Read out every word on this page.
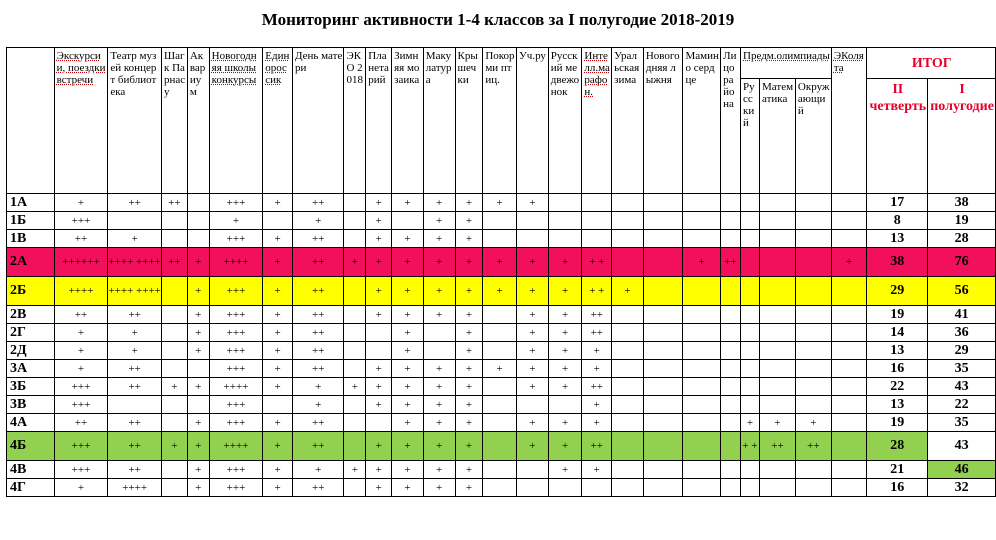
Мониторинг активности 1-4 классов за I полугодие 2018-2019
	Экскурсии, поездки встречи	Театр музей концерт библиотека	Шаг к Парнасу	Аквариум	Новогодняя школы конкурсы	Единороссик	День матери	ЭКО 2018	Планетарий	Зимняя мозаика	Макулатура	Крышечки	Покорми птиц.	Уч.ру	Русский медвежонок	Интелл.марафон.	Уральская зима	Новогодняя лыжня	Мамино сердце	Лицо района	Предм.олимпиады			ЭКолята	ИТОГ	
																					Русский	Математика	Окружающий		II четверть	I полугодие
1А	+	++	++		+++	+	++		+	+	+	+	+	+											17	38
1Б	+++				+		+		+		+	+													8	19
1В	++	+			+++	+	++		+	+	+	+													13	28
2А	++++++	++++ ++++	++	+	++++	+	++	+	+	+	+	+	+	+	+	+ +			+	++				+	38	76
2Б	++++	++++ ++++		+	+++	+	++		+	+	+	+	+	+	+	+ +	+								29	56
2В	++	++		+	+++	+	++		+	+	+	+		+	+	++									19	41
2Г	+	+		+	+++	+	++			+		+		+	+	++									14	36
2Д	+	+		+	+++	+	++			+		+		+	+	+									13	29
3А	+	++			+++	+	++		+	+	+	+	+	+	+	+									16	35
3Б	+++	++	+	+	++++	+	+	+	+	+	+	+		+	+	++									22	43
3В	+++				+++		+		+	+	+	+				+									13	22
4А	++	++		+	+++	+	++			+	+	+		+	+	+					+	+	+		19	35
4Б	+++	++	+	+	++++	+	++		+	+	+	+		+	+	++					+ +	++	++		28	43
4В	+++	++		+	+++	+	+	+	+	+	+	+			+	+									21	46
4Г	+	++++		+	+++	+	++		+	+	+	+													16	32
